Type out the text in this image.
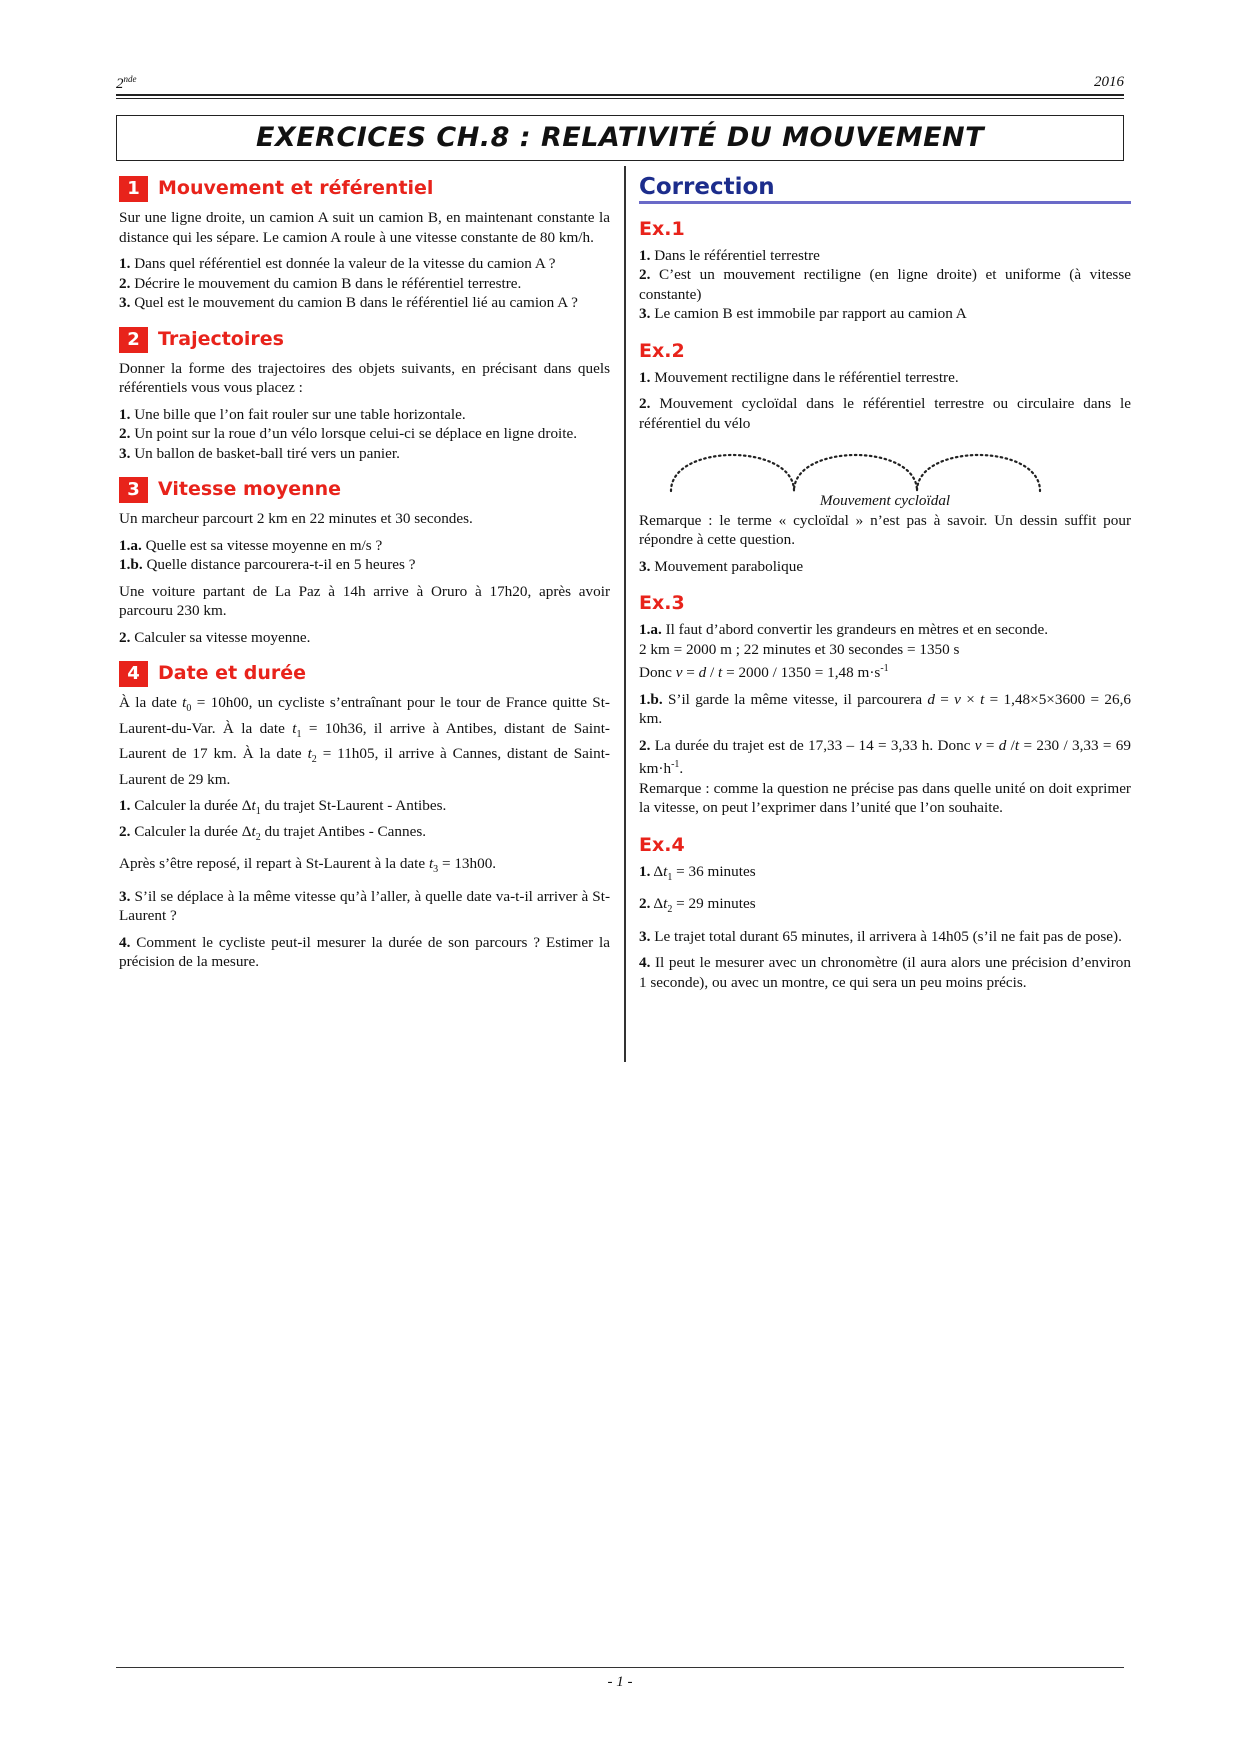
2nde	2016
EXERCICES CH.8 : RELATIVITÉ DU MOUVEMENT
1 Mouvement et référentiel

Sur une ligne droite, un camion A suit un camion B, en maintenant constante la distance qui les sépare. Le camion A roule à une vitesse constante de 80 km/h.

1. Dans quel référentiel est donnée la valeur de la vitesse du camion A ?

2. Décrire le mouvement du camion B dans le référentiel terrestre.

3. Quel est le mouvement du camion B dans le référentiel lié au camion A ?

2 Trajectoires

Donner la forme des trajectoires des objets suivants, en précisant dans quels référentiels vous vous placez :

1. Une bille que l’on fait rouler sur une table horizontale.

2. Un point sur la roue d’un vélo lorsque celui-ci se déplace en ligne droite.

3. Un ballon de basket-ball tiré vers un panier.

3 Vitesse moyenne

Un marcheur parcourt 2 km en 22 minutes et 30 secondes.

1.a. Quelle est sa vitesse moyenne en m/s ?

1.b. Quelle distance parcourera-t-il en 5 heures ?

Une voiture partant de La Paz à 14h arrive à Oruro à 17h20, après avoir parcouru 230 km.

2. Calculer sa vitesse moyenne.

4 Date et durée

À la date $t_0 = 10h00$, un cycliste s’entraînant pour le tour de France quitte St-Laurent-du-Var. À la date $t_1 = 10h36$, il arrive à Antibes, distant de Saint-Laurent de 17 km. À la date $t_2 = 11h05$, il arrive à Cannes, distant de Saint-Laurent de 29 km.

1. Calculer la durée $\Delta t_1$ du trajet St-Laurent - Antibes.

2. Calculer la durée $\Delta t_2$ du trajet Antibes - Cannes.

Après s’être reposé, il repart à St-Laurent à la date $t_3 = 13h00$.

3. S’il se déplace à la même vitesse qu’à l’aller, à quelle date va-t-il arriver à St-Laurent ?

4. Comment le cycliste peut-il mesurer la durée de son parcours ? Estimer la précision de la mesure.

Correction
Ex.1

1. Dans le référentiel terrestre

2. C’est un mouvement rectiligne (en ligne droite) et uniforme (à vitesse constante)

3. Le camion B est immobile par rapport au camion A

Ex.2

1. Mouvement rectiligne dans le référentiel terrestre.

2. Mouvement cycloïdal dans le référentiel terrestre ou circulaire dans le référentiel du vélo

Mouvement cycloïdal

Remarque : le terme « cycloïdal » n’est pas à savoir. Un dessin suffit pour répondre à cette question.

3. Mouvement parabolique

Ex.3

1.a. Il faut d’abord convertir les grandeurs en mètres et en seconde.

2 km = 2000 m ; 22 minutes et 30 secondes = 1350 s

Donc v = d / t = 2000 / 1350 = 1,48 $m\cdot s^{-1}$

1.b. S’il garde la même vitesse, il parcourera d = v × t = 1,48×5×3600 = 26,6 km.

2. La durée du trajet est de 17,33 – 14 = 3,33 h. Donc v = d /t = 230 / 3,33 = 69 $km\cdot h^{-1}$.

Remarque : comme la question ne précise pas dans quelle unité on doit exprimer la vitesse, on peut l’exprimer dans l’unité que l’on souhaite.

Ex.4

1. $\Delta t_1 = 36$ minutes

2. $\Delta t_2 = 29$ minutes

3. Le trajet total durant 65 minutes, il arrivera à 14h05 (s’il ne fait pas de pose).

4. Il peut le mesurer avec un chronomètre (il aura alors une précision d’environ 1 seconde), ou avec un montre, ce qui sera un peu moins précis.

- 1 -
